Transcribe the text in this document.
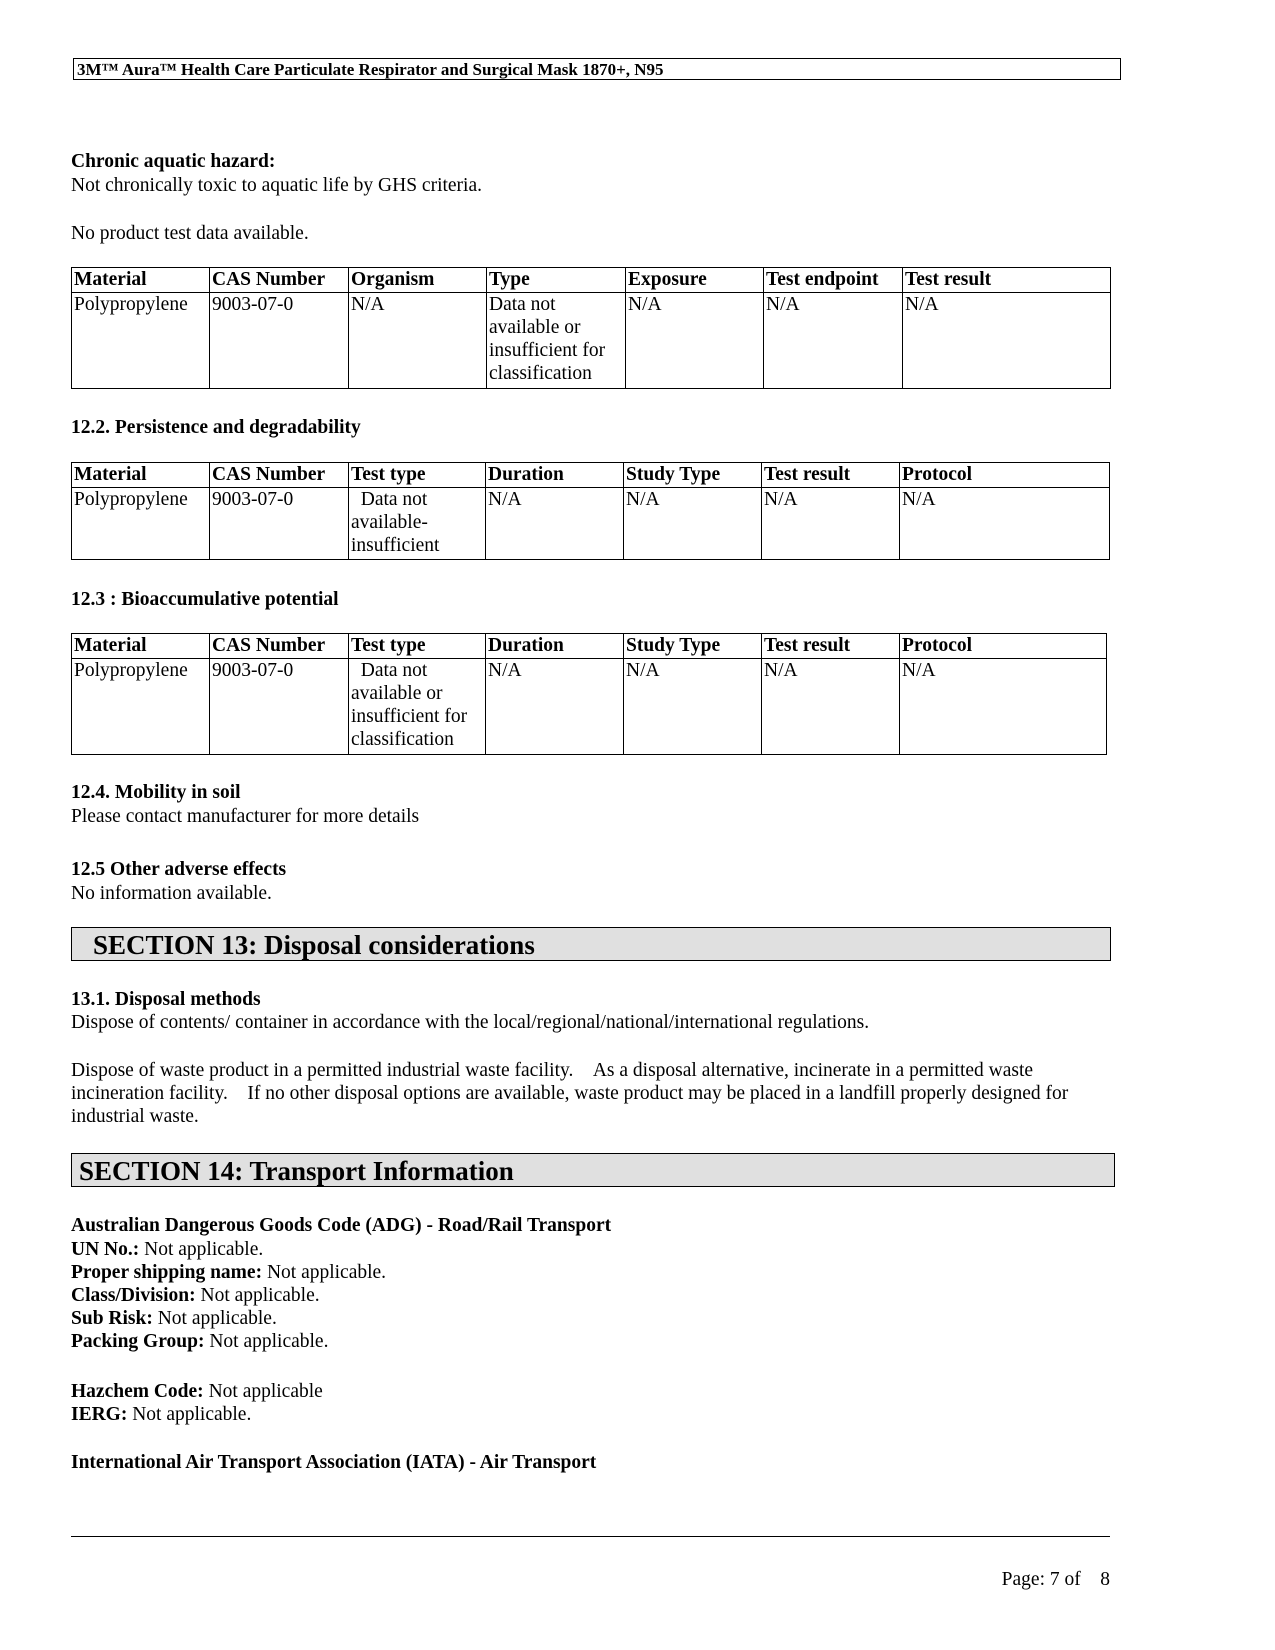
3M™ Aura™ Health Care Particulate Respirator and Surgical Mask 1870+, N95
Chronic aquatic hazard:
Not chronically toxic to aquatic life by GHS criteria.
No product test data available.
Material	CAS Number	Organism	Type	Exposure	Test endpoint	Test result
Polypropylene	9003-07-0	N/A	Data not available or insufficient for classification	N/A	N/A	N/A
12.2. Persistence and degradability
Material	CAS Number	Test type	Duration	Study Type	Test result	Protocol
Polypropylene	9003-07-0	Data not available- insufficient	N/A	N/A	N/A	N/A
12.3 : Bioaccumulative potential
Material	CAS Number	Test type	Duration	Study Type	Test result	Protocol
Polypropylene	9003-07-0	Data not available or insufficient for classification	N/A	N/A	N/A	N/A
12.4. Mobility in soil
Please contact manufacturer for more details
12.5 Other adverse effects
No information available.
SECTION 13: Disposal considerations
13.1. Disposal methods
Dispose of contents/ container in accordance with the local/regional/national/international regulations.
Dispose of waste product in a permitted industrial waste facility.    As a disposal alternative, incinerate in a permitted waste incineration facility.    If no other disposal options are available, waste product may be placed in a landfill properly designed for industrial waste.
SECTION 14: Transport Information
Australian Dangerous Goods Code (ADG) - Road/Rail Transport
UN No.: Not applicable.
Proper shipping name: Not applicable.
Class/Division: Not applicable.
Sub Risk: Not applicable.
Packing Group: Not applicable.
Hazchem Code: Not applicable
IERG: Not applicable.
International Air Transport Association (IATA) - Air Transport
Page: 7 of    8
